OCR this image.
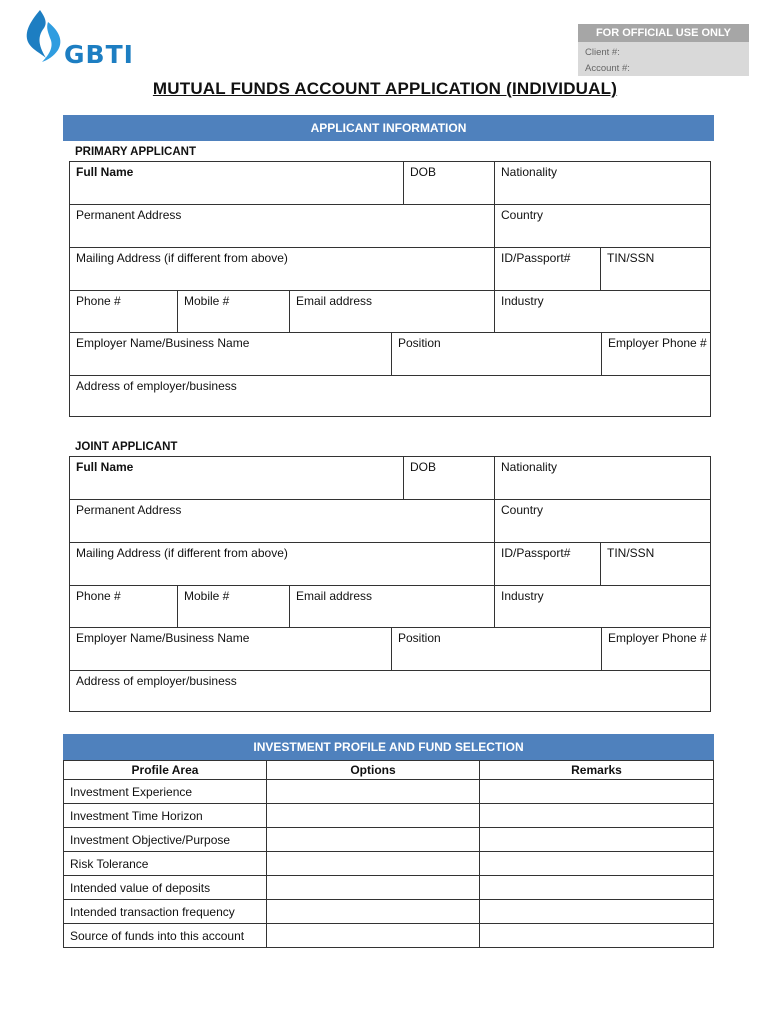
GBTI
FOR OFFICIAL USE ONLY
Client #:
Account #:
MUTUAL FUNDS ACCOUNT APPLICATION (INDIVIDUAL)
APPLICANT INFORMATION
PRIMARY APPLICANT
Full Name	DOB	Nationality
Permanent Address	Country
Mailing Address (if different from above)	ID/Passport#	TIN/SSN
Phone #	Mobile #	Email address	Industry
Employer Name/Business Name	Position	Employer Phone #
Address of employer/business
JOINT APPLICANT
Full Name	DOB	Nationality
Permanent Address	Country
Mailing Address (if different from above)	ID/Passport#	TIN/SSN
Phone #	Mobile #	Email address	Industry
Employer Name/Business Name	Position	Employer Phone #
Address of employer/business
INVESTMENT PROFILE AND FUND SELECTION
Profile Area	Options	Remarks
Investment Experience		
Investment Time Horizon		
Investment Objective/Purpose		
Risk Tolerance		
Intended value of deposits		
Intended transaction frequency		
Source of funds into this account		
